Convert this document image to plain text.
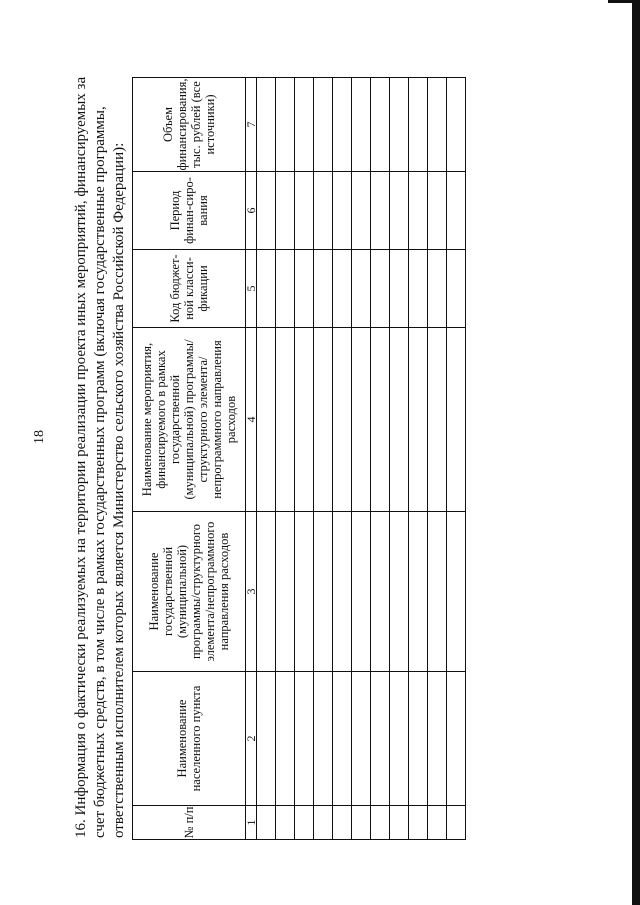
18 16. Информация о фактически реализуемых на территории реализации проекта иных мероприятий, финансируемых за счет бюджетных средств, в том числе в рамках государственных программ (включая государственные программы, ответственным исполнителем которых является Министерство сельского хозяйства Российской Федерации):	№ п/п	Наименование населенного пункта	Наименование государственной (муниципальной) программы/структурного элемента/непрограммного направления расходов	Наименование мероприятия, финансируемого в рамках государственной (муниципальной) программы/структурного элемента/непрограммного направления расходов	Код бюджет-ной класси-фикации	Период финан-сиро-вания	Объем финансирования, тыс. рублей (все источники)
1	2	3	4	5	6	7
